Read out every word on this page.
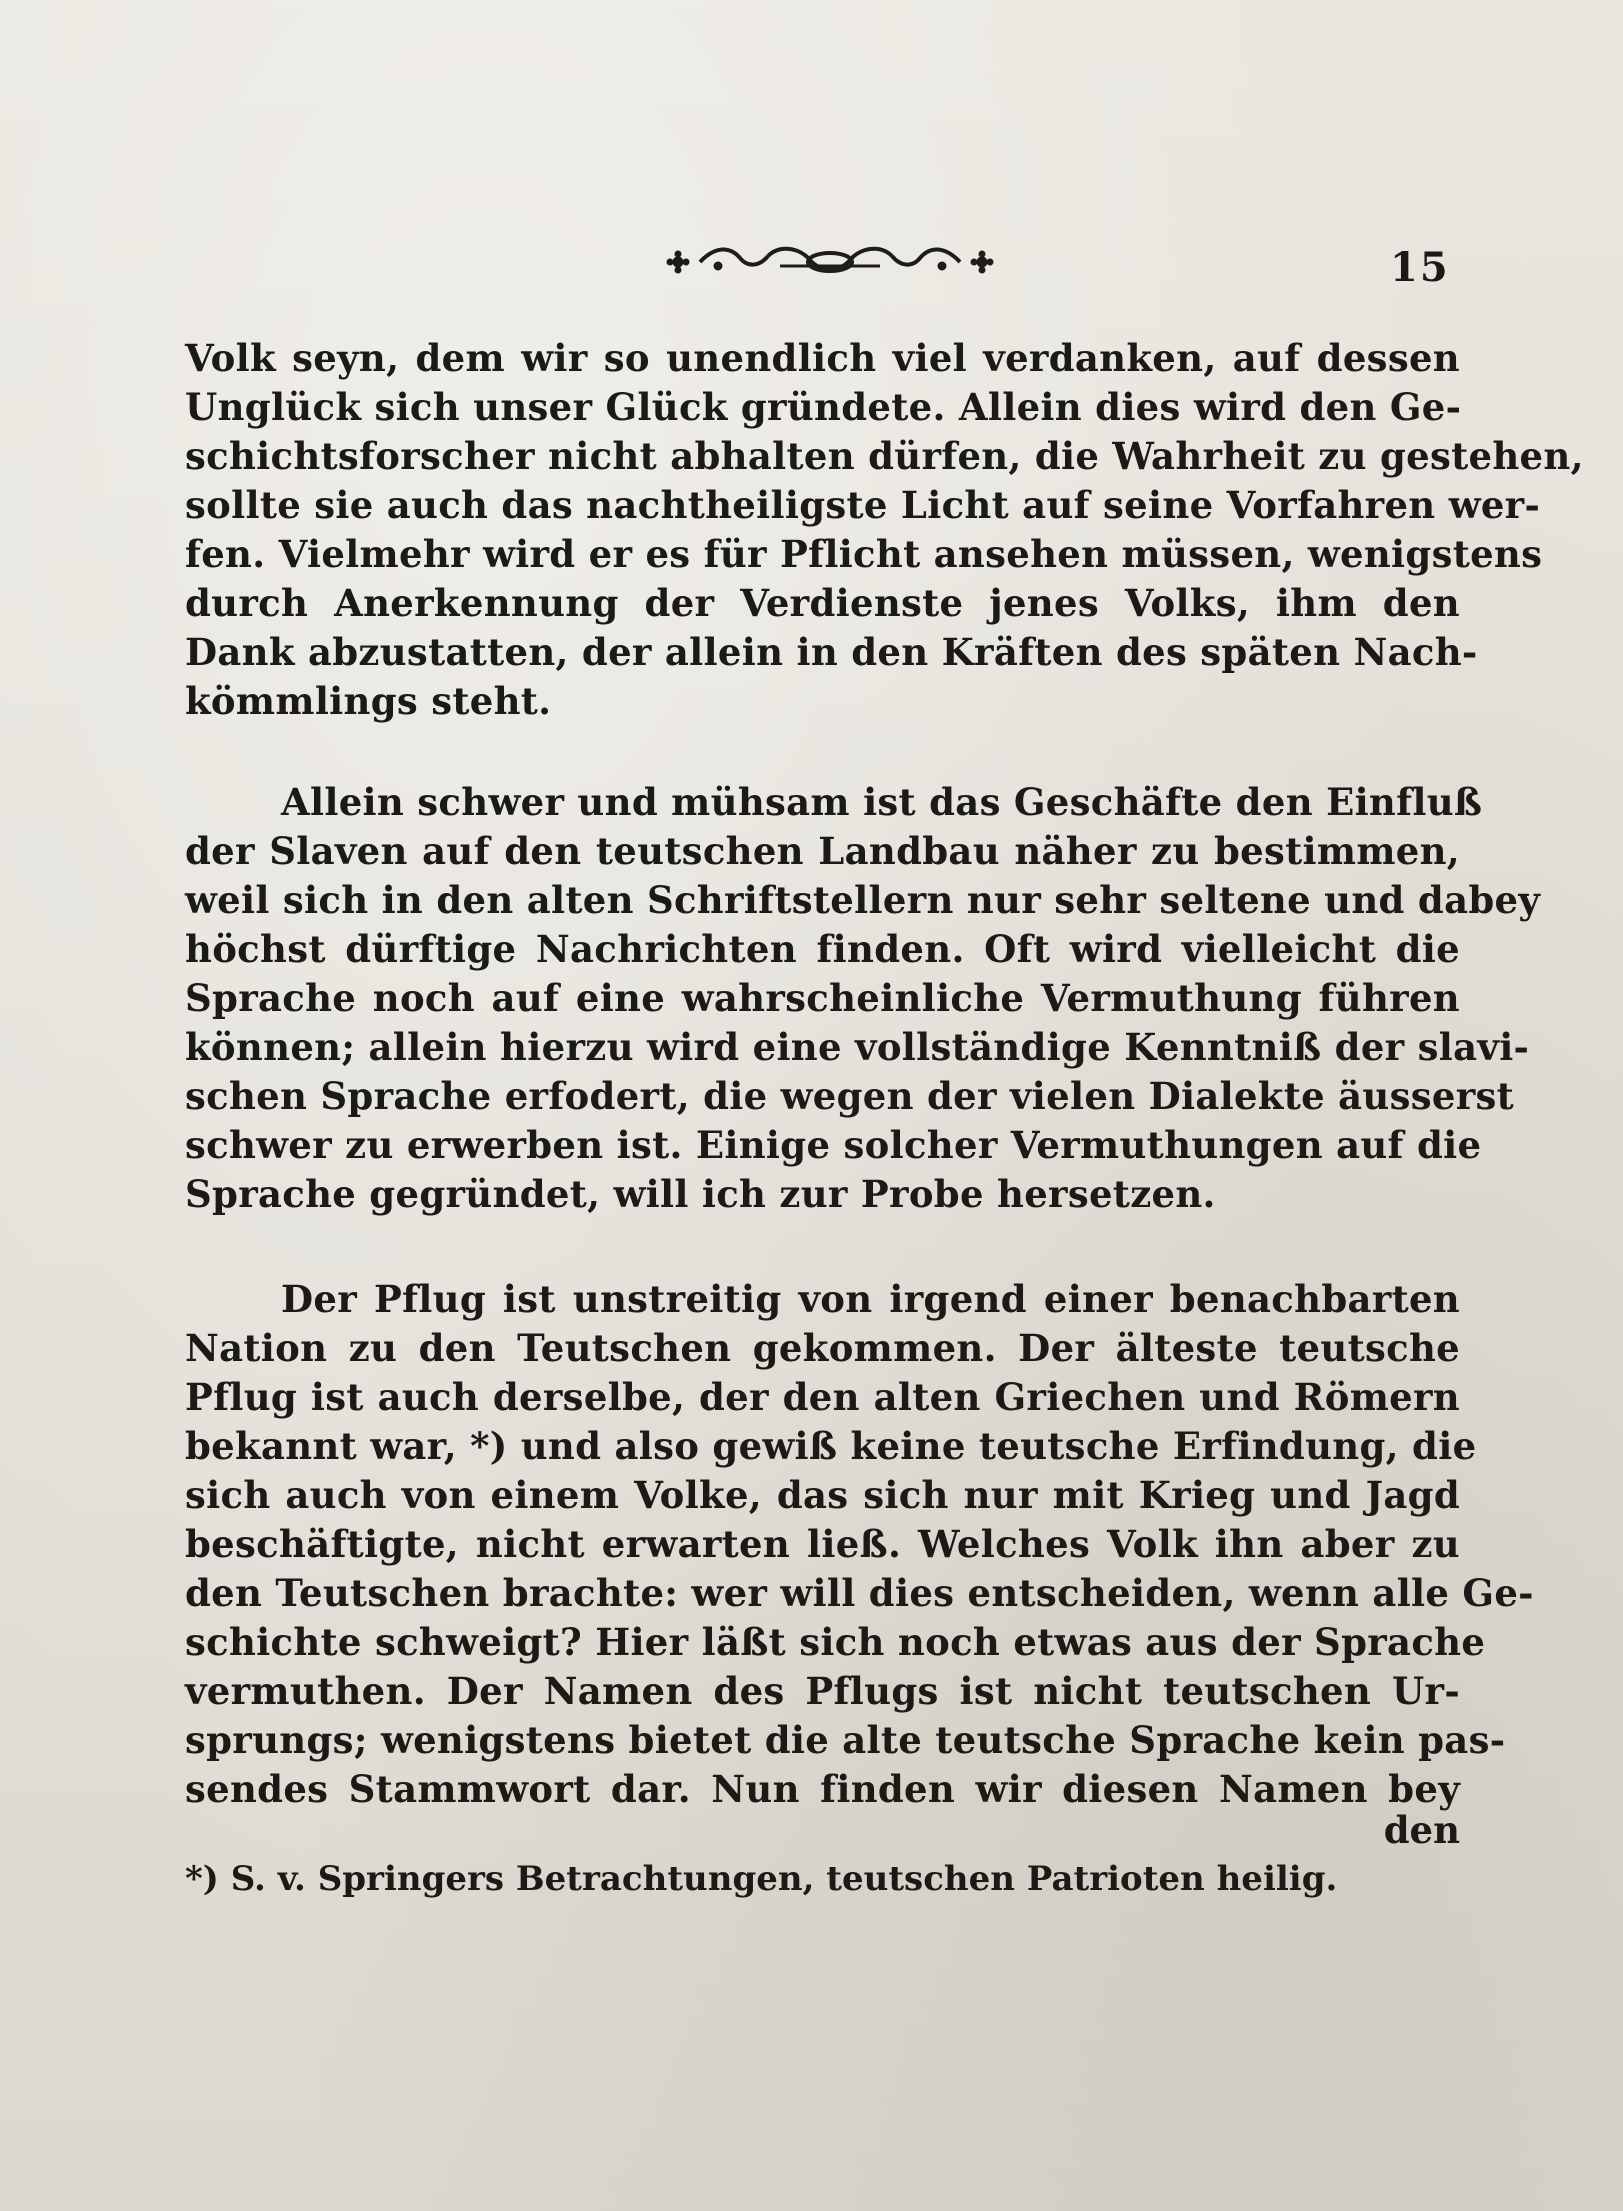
15
Volk seyn, dem wir so unendlich viel verdanken, auf dessen
Unglück sich unser Glück gründete. Allein dies wird den Ge-
schichtsforscher nicht abhalten dürfen, die Wahrheit zu gestehen,
sollte sie auch das nachtheiligste Licht auf seine Vorfahren wer-
fen. Vielmehr wird er es für Pflicht ansehen müssen, wenigstens
durch Anerkennung der Verdienste jenes Volks, ihm den
Dank abzustatten, der allein in den Kräften des späten Nach-
kömmlings steht.
Allein schwer und mühsam ist das Geschäfte den Einfluß
der Slaven auf den teutschen Landbau näher zu bestimmen,
weil sich in den alten Schriftstellern nur sehr seltene und dabey
höchst dürftige Nachrichten finden. Oft wird vielleicht die
Sprache noch auf eine wahrscheinliche Vermuthung führen
können; allein hierzu wird eine vollständige Kenntniß der slavi-
schen Sprache erfodert, die wegen der vielen Dialekte äusserst
schwer zu erwerben ist. Einige solcher Vermuthungen auf die
Sprache gegründet, will ich zur Probe hersetzen.
Der Pflug ist unstreitig von irgend einer benachbarten
Nation zu den Teutschen gekommen. Der älteste teutsche
Pflug ist auch derselbe, der den alten Griechen und Römern
bekannt war, *) und also gewiß keine teutsche Erfindung, die
sich auch von einem Volke, das sich nur mit Krieg und Jagd
beschäftigte, nicht erwarten ließ. Welches Volk ihn aber zu
den Teutschen brachte: wer will dies entscheiden, wenn alle Ge-
schichte schweigt? Hier läßt sich noch etwas aus der Sprache
vermuthen. Der Namen des Pflugs ist nicht teutschen Ur-
sprungs; wenigstens bietet die alte teutsche Sprache kein pas-
sendes Stammwort dar. Nun finden wir diesen Namen bey
den
*) S. v. Springers Betrachtungen, teutschen Patrioten heilig.
